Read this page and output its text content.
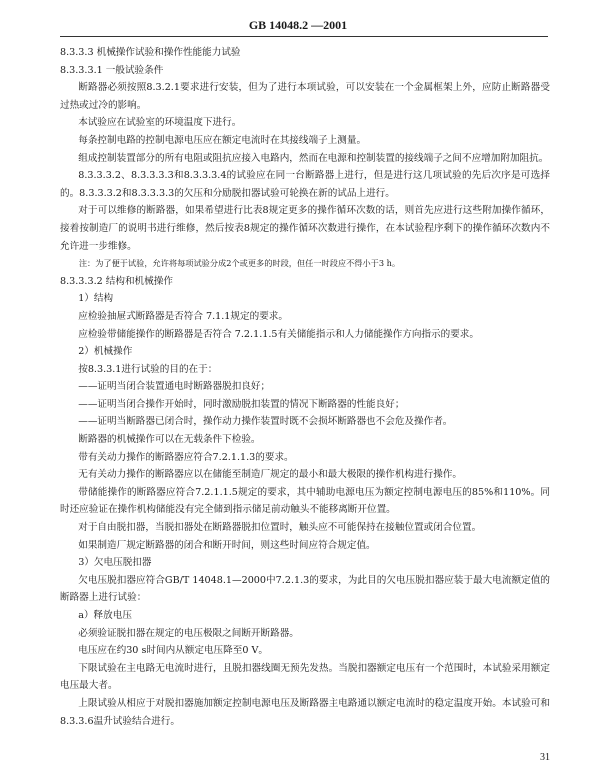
GB 14048.2 —2001

8.3.3.3 机械操作试验和操作性能能力试验

8.3.3.3.1 一般试验条件

断路器必须按照8.3.2.1要求进行安装，但为了进行本项试验，可以安装在一个金属框架上外，应防止断路器受过热或过冷的影响。

本试验应在试验室的环境温度下进行。

每条控制电路的控制电源电压应在额定电流时在其接线端子上测量。

组成控制装置部分的所有电阻或阻抗应接入电路内，然而在电源和控制装置的接线端子之间不应增加附加阻抗。

8.3.3.3.2、8.3.3.3.3和8.3.3.3.4的试验应在同一台断路器上进行，但是进行这几项试验的先后次序是可选择的。8.3.3.3.2和8.3.3.3.3的欠压和分励脱扣器试验可轮换在新的试品上进行。

对于可以维修的断路器，如果希望进行比表8规定更多的操作循环次数的话，则首先应进行这些附加操作循环，接着按制造厂的说明书进行维修，然后按表8规定的操作循环次数进行操作，在本试验程序剩下的操作循环次数内不允许进一步维修。

注：为了便于试验，允许将每项试验分成2个或更多的时段，但任一时段应不得小于3 h。

8.3.3.3.2 结构和机械操作

1）结构

应检验抽屉式断路器是否符合 7.1.1规定的要求。

应检验带储能操作的断路器是否符合 7.2.1.1.5有关储能指示和人力储能操作方向指示的要求。

2）机械操作

按8.3.3.1进行试验的目的在于：

——证明当闭合装置通电时断路器脱扣良好；

——证明当闭合操作开始时，同时激励脱扣装置的情况下断路器的性能良好；

——证明当断路器已闭合时，操作动力操作装置时既不会损坏断路器也不会危及操作者。

断路器的机械操作可以在无载条件下检验。

带有关动力操作的断路器应符合7.2.1.1.3的要求。

无有关动力操作的断路器应以在储能至制造厂规定的最小和最大极限的操作机构进行操作。

带储能操作的断路器应符合7.2.1.1.5规定的要求，其中辅助电源电压为额定控制电源电压的85%和110%。同时还应验证在操作机构储能没有完全储到指示储足前动触头不能移离断开位置。

对于自由脱扣器，当脱扣器处在断路器脱扣位置时，触头应不可能保持在接触位置或闭合位置。

如果制造厂规定断路器的闭合和断开时间，则这些时间应符合规定值。

3）欠电压脱扣器

欠电压脱扣器应符合GB/T 14048.1—2000中7.2.1.3的要求，为此目的欠电压脱扣器应装于最大电流额定值的断路器上进行试验：

a）释放电压

必须验证脱扣器在规定的电压极限之间断开断路器。

电压应在约30 s时间内从额定电压降至0 V。

下限试验在主电路无电流时进行，且脱扣器线圈无预先发热。当脱扣器额定电压有一个范围时，本试验采用额定电压最大者。

上限试验从相应于对脱扣器施加额定控制电源电压及断路器主电路通以额定电流时的稳定温度开始。本试验可和8.3.3.6温升试验结合进行。

31
